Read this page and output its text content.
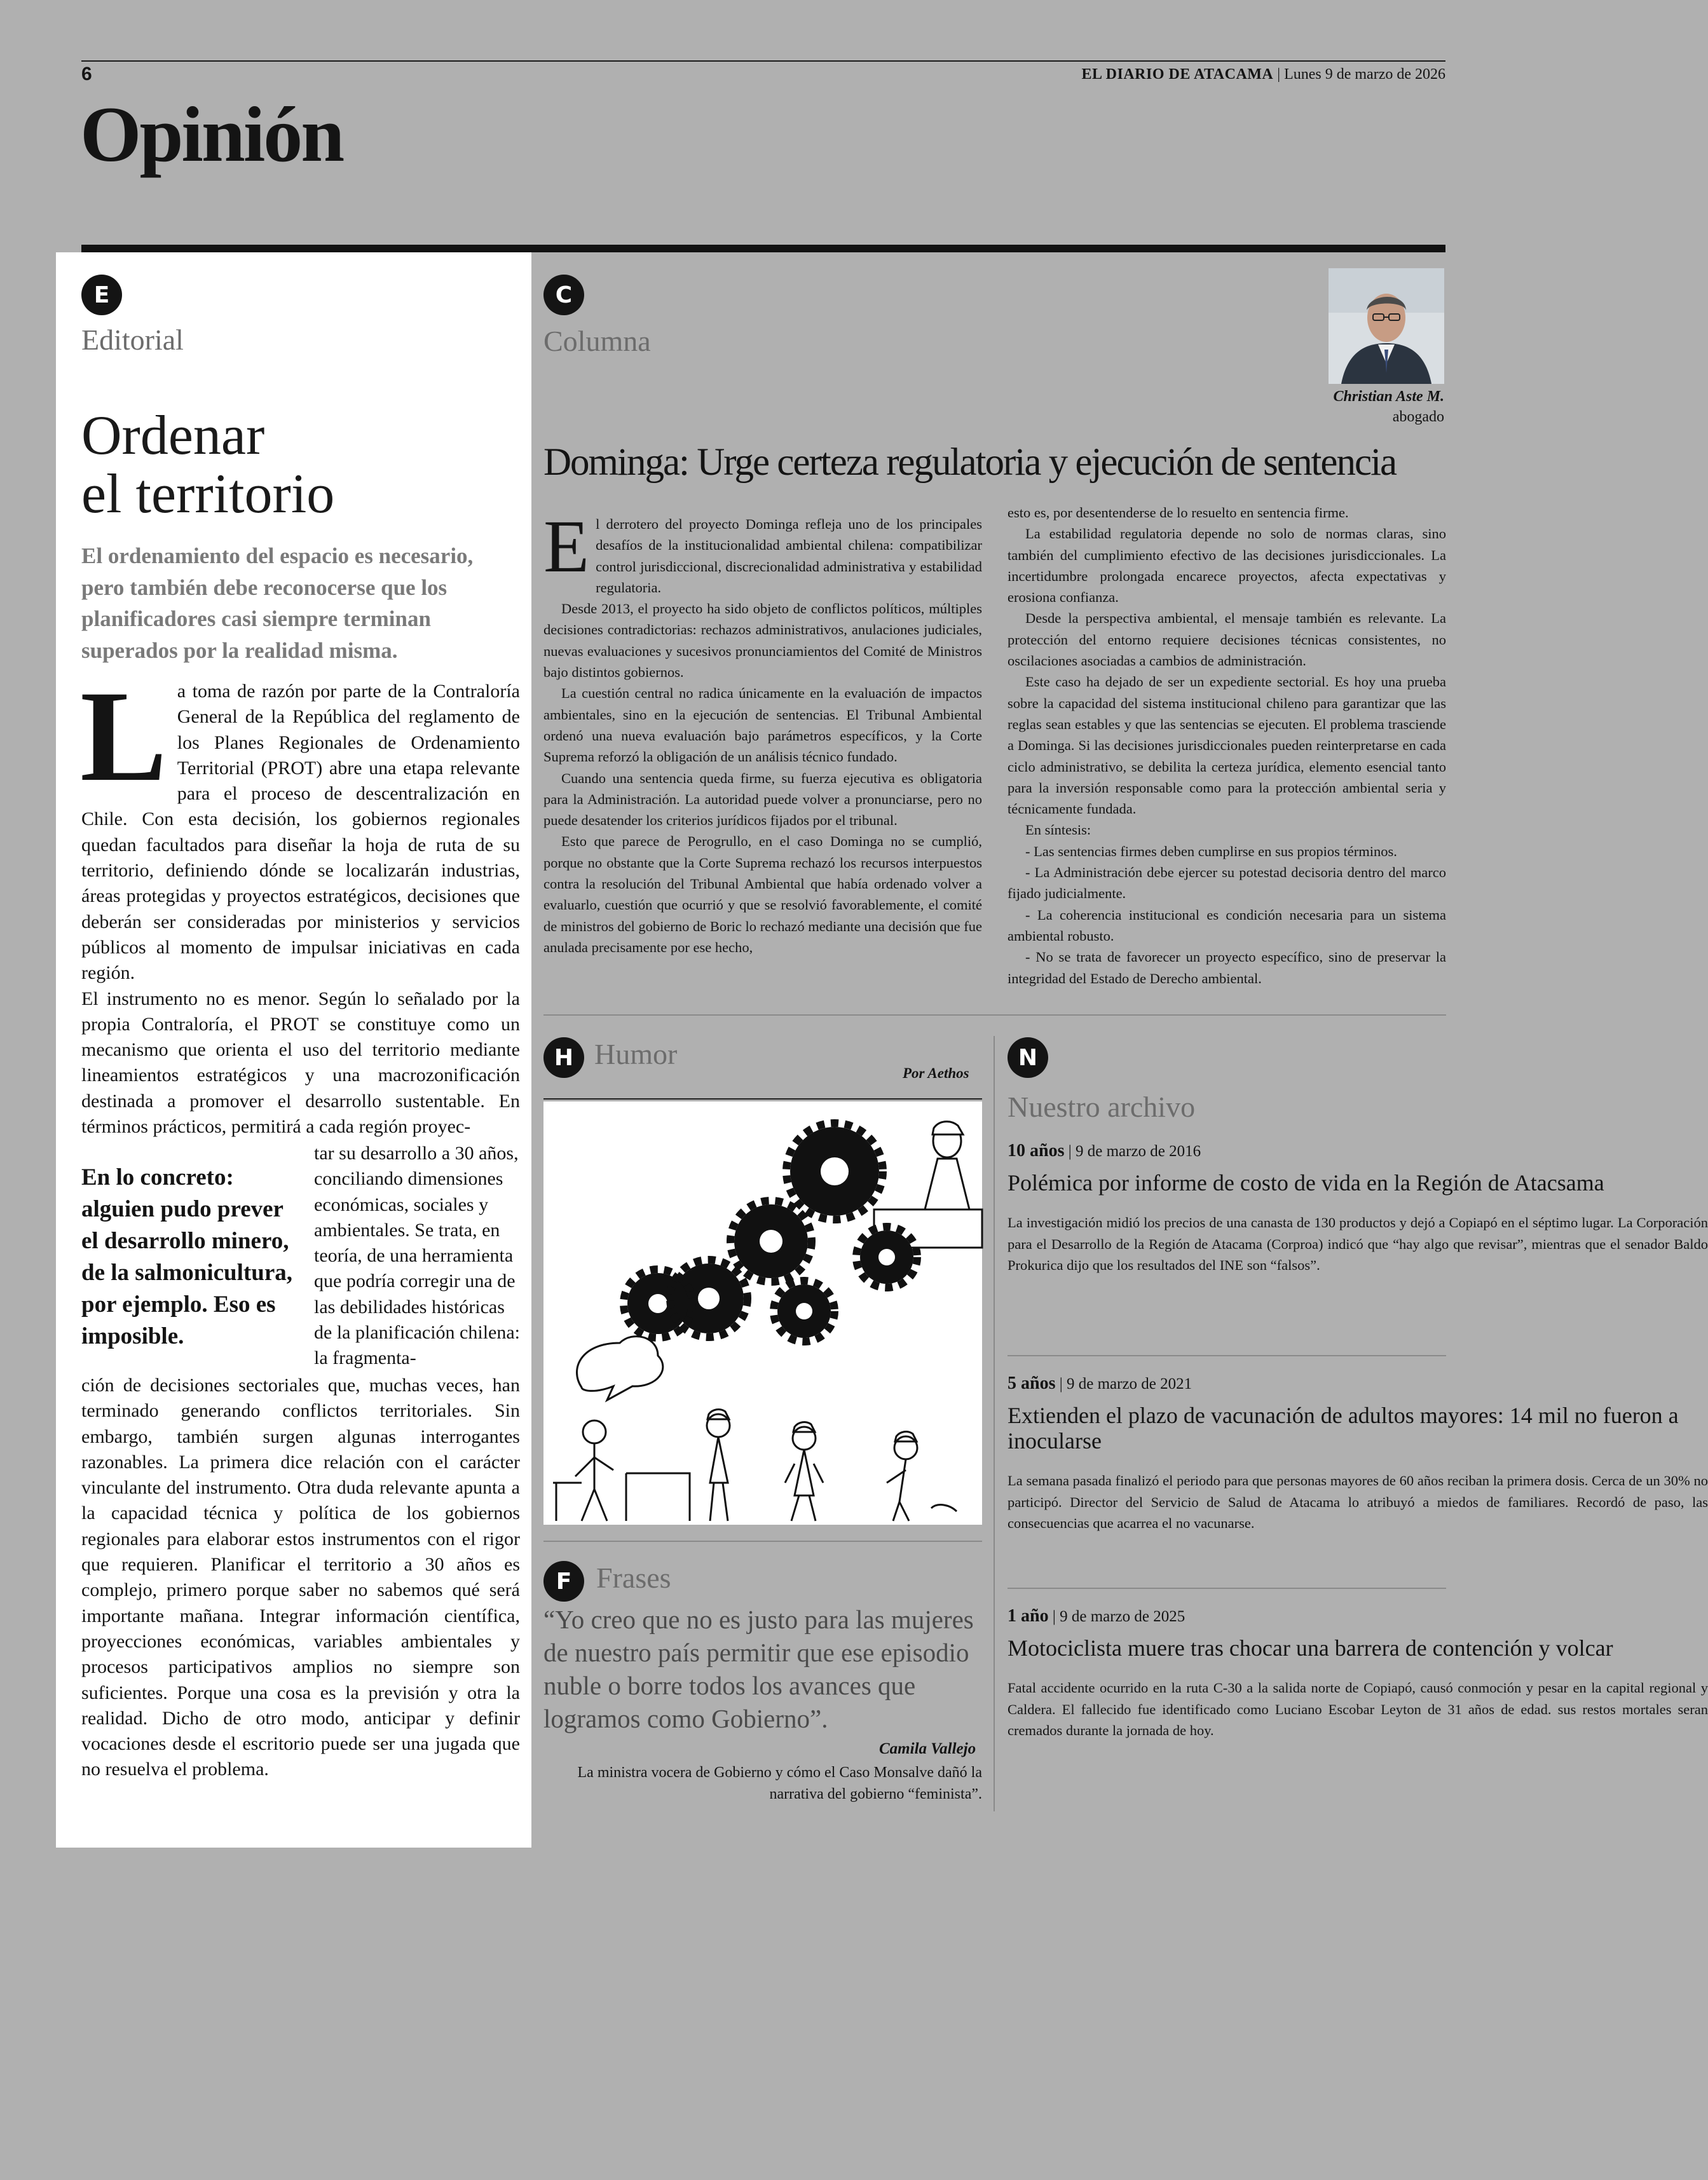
6	EL DIARIO DE ATACAMA | Lunes 9 de marzo de 2026
Opinión
E
Editorial
Ordenar
el territorio
El ordenamiento del espacio es necesario, pero también debe reconocerse que los planificadores casi siempre terminan superados por la realidad misma.

La toma de razón por parte de la Contraloría General de la República del reglamento de los Planes Regionales de Ordenamiento Territorial (PROT) abre una etapa relevante para el proceso de descentralización en Chile. Con esta decisión, los gobiernos regionales quedan facultados para diseñar la hoja de ruta de su territorio, definiendo dónde se localizarán industrias, áreas protegidas y proyectos estratégicos, decisiones que deberán ser consideradas por ministerios y servicios públicos al momento de impulsar iniciativas en cada región.

El instrumento no es menor. Según lo señalado por la propia Contraloría, el PROT se constituye como un mecanismo que orienta el uso del territorio mediante lineamientos estratégicos y una macrozonificación destinada a promover el desarrollo sustentable. En términos prácticos, permitirá a cada región proyec-

En lo concreto: alguien pudo prever el desarrollo minero, de la salmonicultura, por ejemplo. Eso es imposible.
tar su desarrollo a 30 años, conciliando dimensiones económicas, sociales y ambientales. Se trata, en teoría, de una herramienta que podría corregir una de las debilidades históricas de la planificación chilena: la fragmenta-
ción de decisiones sectoriales que, muchas veces, han terminado generando conflictos territoriales. Sin embargo, también surgen algunas interrogantes razonables. La primera dice relación con el carácter vinculante del instrumento. Otra duda relevante apunta a la capacidad técnica y política de los gobiernos regionales para elaborar estos instrumentos con el rigor que requieren. Planificar el territorio a 30 años es complejo, primero porque saber no sabemos qué será importante mañana. Integrar información científica, proyecciones económicas, variables ambientales y procesos participativos amplios no siempre son suficientes. Porque una cosa es la previsión y otra la realidad. Dicho de otro modo, anticipar y definir vocaciones desde el escritorio puede ser una jugada que no resuelva el problema.
C
Columna
Christian Aste M.
abogado
Dominga: Urge certeza regulatoria y ejecución de sentencia

El derrotero del proyecto Dominga refleja uno de los principales desafíos de la institucionalidad ambiental chilena: compatibilizar control jurisdiccional, discrecionalidad administrativa y estabilidad regulatoria.

Desde 2013, el proyecto ha sido objeto de conflictos políticos, múltiples decisiones contradictorias: rechazos administrativos, anulaciones judiciales, nuevas evaluaciones y sucesivos pronunciamientos del Comité de Ministros bajo distintos gobiernos.

La cuestión central no radica únicamente en la evaluación de impactos ambientales, sino en la ejecución de sentencias. El Tribunal Ambiental ordenó una nueva evaluación bajo parámetros específicos, y la Corte Suprema reforzó la obligación de un análisis técnico fundado.

Cuando una sentencia queda firme, su fuerza ejecutiva es obligatoria para la Administración. La autoridad puede volver a pronunciarse, pero no puede desatender los criterios jurídicos fijados por el tribunal.

Esto que parece de Perogrullo, en el caso Dominga no se cumplió, porque no obstante que la Corte Suprema rechazó los recursos interpuestos contra la resolución del Tribunal Ambiental que había ordenado volver a evaluarlo, cuestión que ocurrió y que se resolvió favorablemente, el comité de ministros del gobierno de Boric lo rechazó mediante una decisión que fue anulada precisamente por ese hecho,

esto es, por desentenderse de lo resuelto en sentencia firme.

La estabilidad regulatoria depende no solo de normas claras, sino también del cumplimiento efectivo de las decisiones jurisdiccionales. La incertidumbre prolongada encarece proyectos, afecta expectativas y erosiona confianza.

Desde la perspectiva ambiental, el mensaje también es relevante. La protección del entorno requiere decisiones técnicas consistentes, no oscilaciones asociadas a cambios de administración.

Este caso ha dejado de ser un expediente sectorial. Es hoy una prueba sobre la capacidad del sistema institucional chileno para garantizar que las reglas sean estables y que las sentencias se ejecuten. El problema trasciende a Dominga. Si las decisiones jurisdiccionales pueden reinterpretarse en cada ciclo administrativo, se debilita la certeza jurídica, elemento esencial tanto para la inversión responsable como para la protección ambiental seria y técnicamente fundada.

En síntesis:

- Las sentencias firmes deben cumplirse en sus propios términos.

- La Administración debe ejercer su potestad decisoria dentro del marco fijado judicialmente.

- La coherencia institucional es condición necesaria para un sistema ambiental robusto.

- No se trata de favorecer un proyecto específico, sino de preservar la integridad del Estado de Derecho ambiental.

H Humor
Por Aethos
F Frases
“Yo creo que no es justo para las mujeres de nuestro país permitir que ese episodio nuble o borre todos los avances que logramos como Gobierno”.
Camila Vallejo
La ministra vocera de Gobierno y cómo el Caso Monsalve dañó la narrativa del gobierno “feminista”.
N
Nuestro archivo
10 años | 9 de marzo de 2016
Polémica por informe de costo de vida en la Región de Atacsama
La investigación midió los precios de una canasta de 130 productos y dejó a Copiapó en el séptimo lugar. La Corporación para el Desarrollo de la Región de Atacama (Corproa) indicó que “hay algo que revisar”, mientras que el senador Baldo Prokurica dijo que los resultados del INE son “falsos”.
5 años | 9 de marzo de 2021
Extienden el plazo de vacunación de adultos mayores: 14 mil no fueron a inocularse
La semana pasada finalizó el periodo para que personas mayores de 60 años reciban la primera dosis. Cerca de un 30% no participó. Director del Servicio de Salud de Atacama lo atribuyó a miedos de familiares. Recordó de paso, las consecuencias que acarrea el no vacunarse.
1 año | 9 de marzo de 2025
Motociclista muere tras chocar una barrera de contención y volcar
Fatal accidente ocurrido en la ruta C-30 a la salida norte de Copiapó, causó conmoción y pesar en la capital regional y Caldera. El fallecido fue identificado como Luciano Escobar Leyton de 31 años de edad. sus restos mortales seran cremados durante la jornada de hoy.
